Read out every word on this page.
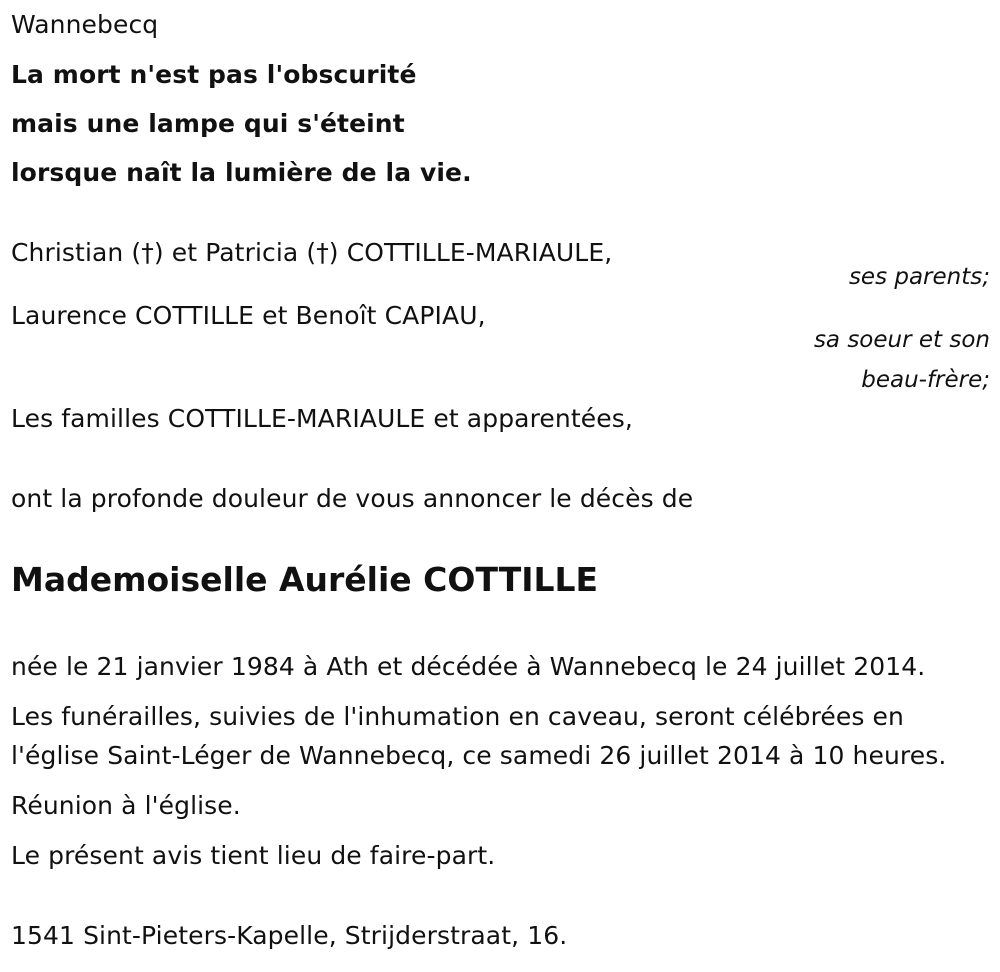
Wannebecq
La mort n'est pas l'obscurité
mais une lampe qui s'éteint
lorsque naît la lumière de la vie.
Christian (†) et Patricia (†) COTTILLE-MARIAULE,
ses parents;
Laurence COTTILLE et Benoît CAPIAU,
sa soeur et son
beau-frère;
Les familles COTTILLE-MARIAULE et apparentées,
ont la profonde douleur de vous annoncer le décès de
Mademoiselle Aurélie COTTILLE
née le 21 janvier 1984 à Ath et décédée à Wannebecq le 24 juillet 2014.
Les funérailles, suivies de l'inhumation en caveau, seront célébrées en
l'église Saint-Léger de Wannebecq, ce samedi 26 juillet 2014 à 10 heures.
Réunion à l'église.
Le présent avis tient lieu de faire-part.
1541 Sint-Pieters-Kapelle, Strijderstraat, 16.
